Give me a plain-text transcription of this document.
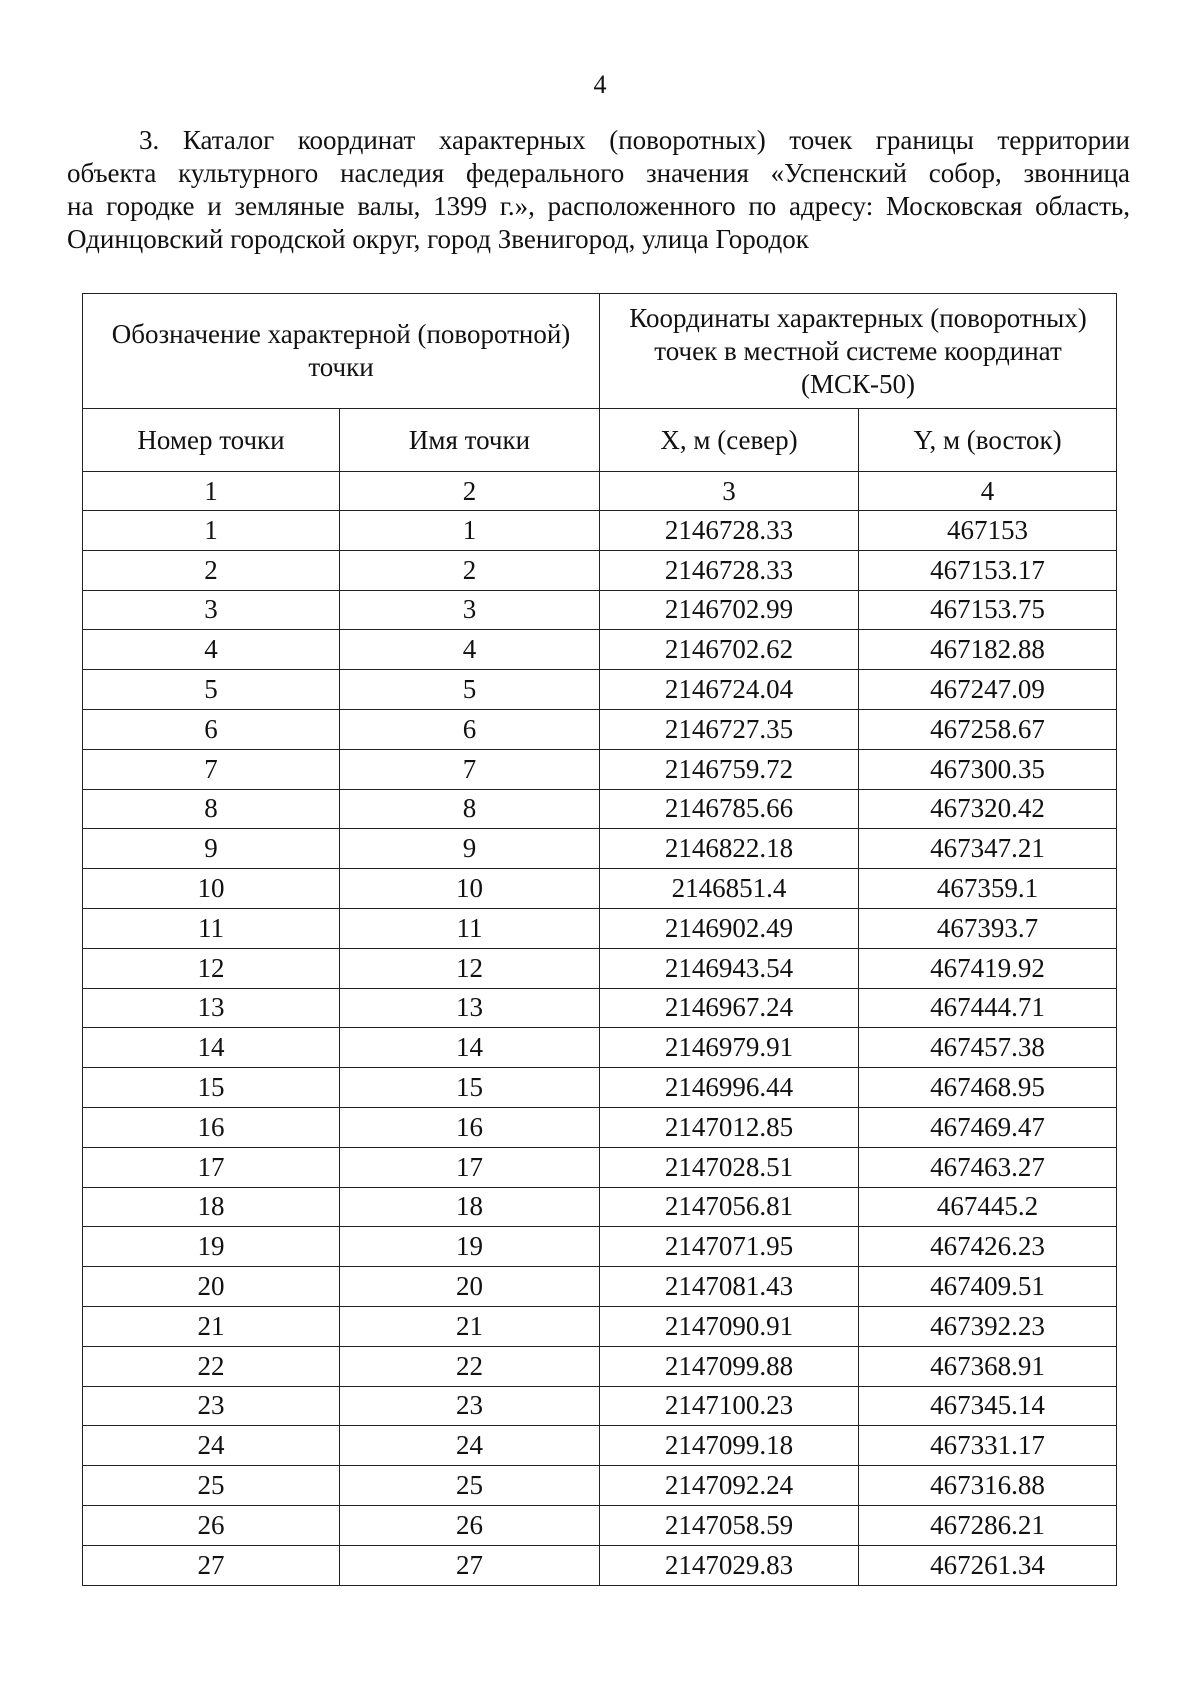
4
3. Каталог координат характерных (поворотных) точек границы территории
объекта культурного наследия федерального значения «Успенский собор, звонница
на городке и земляные валы, 1399 г.», расположенного по адресу: Московская область,
Одинцовский городской округ, город Звенигород, улица Городок
Обозначение характерной (поворотной) точки		Координаты характерных (поворотных) точек в местной системе координат (МСК-50)	
Номер точки	Имя точки	X, м (север)	Y, м (восток)
1	2	3	4
1	1	2146728.33	467153
2	2	2146728.33	467153.17
3	3	2146702.99	467153.75
4	4	2146702.62	467182.88
5	5	2146724.04	467247.09
6	6	2146727.35	467258.67
7	7	2146759.72	467300.35
8	8	2146785.66	467320.42
9	9	2146822.18	467347.21
10	10	2146851.4	467359.1
11	11	2146902.49	467393.7
12	12	2146943.54	467419.92
13	13	2146967.24	467444.71
14	14	2146979.91	467457.38
15	15	2146996.44	467468.95
16	16	2147012.85	467469.47
17	17	2147028.51	467463.27
18	18	2147056.81	467445.2
19	19	2147071.95	467426.23
20	20	2147081.43	467409.51
21	21	2147090.91	467392.23
22	22	2147099.88	467368.91
23	23	2147100.23	467345.14
24	24	2147099.18	467331.17
25	25	2147092.24	467316.88
26	26	2147058.59	467286.21
27	27	2147029.83	467261.34
